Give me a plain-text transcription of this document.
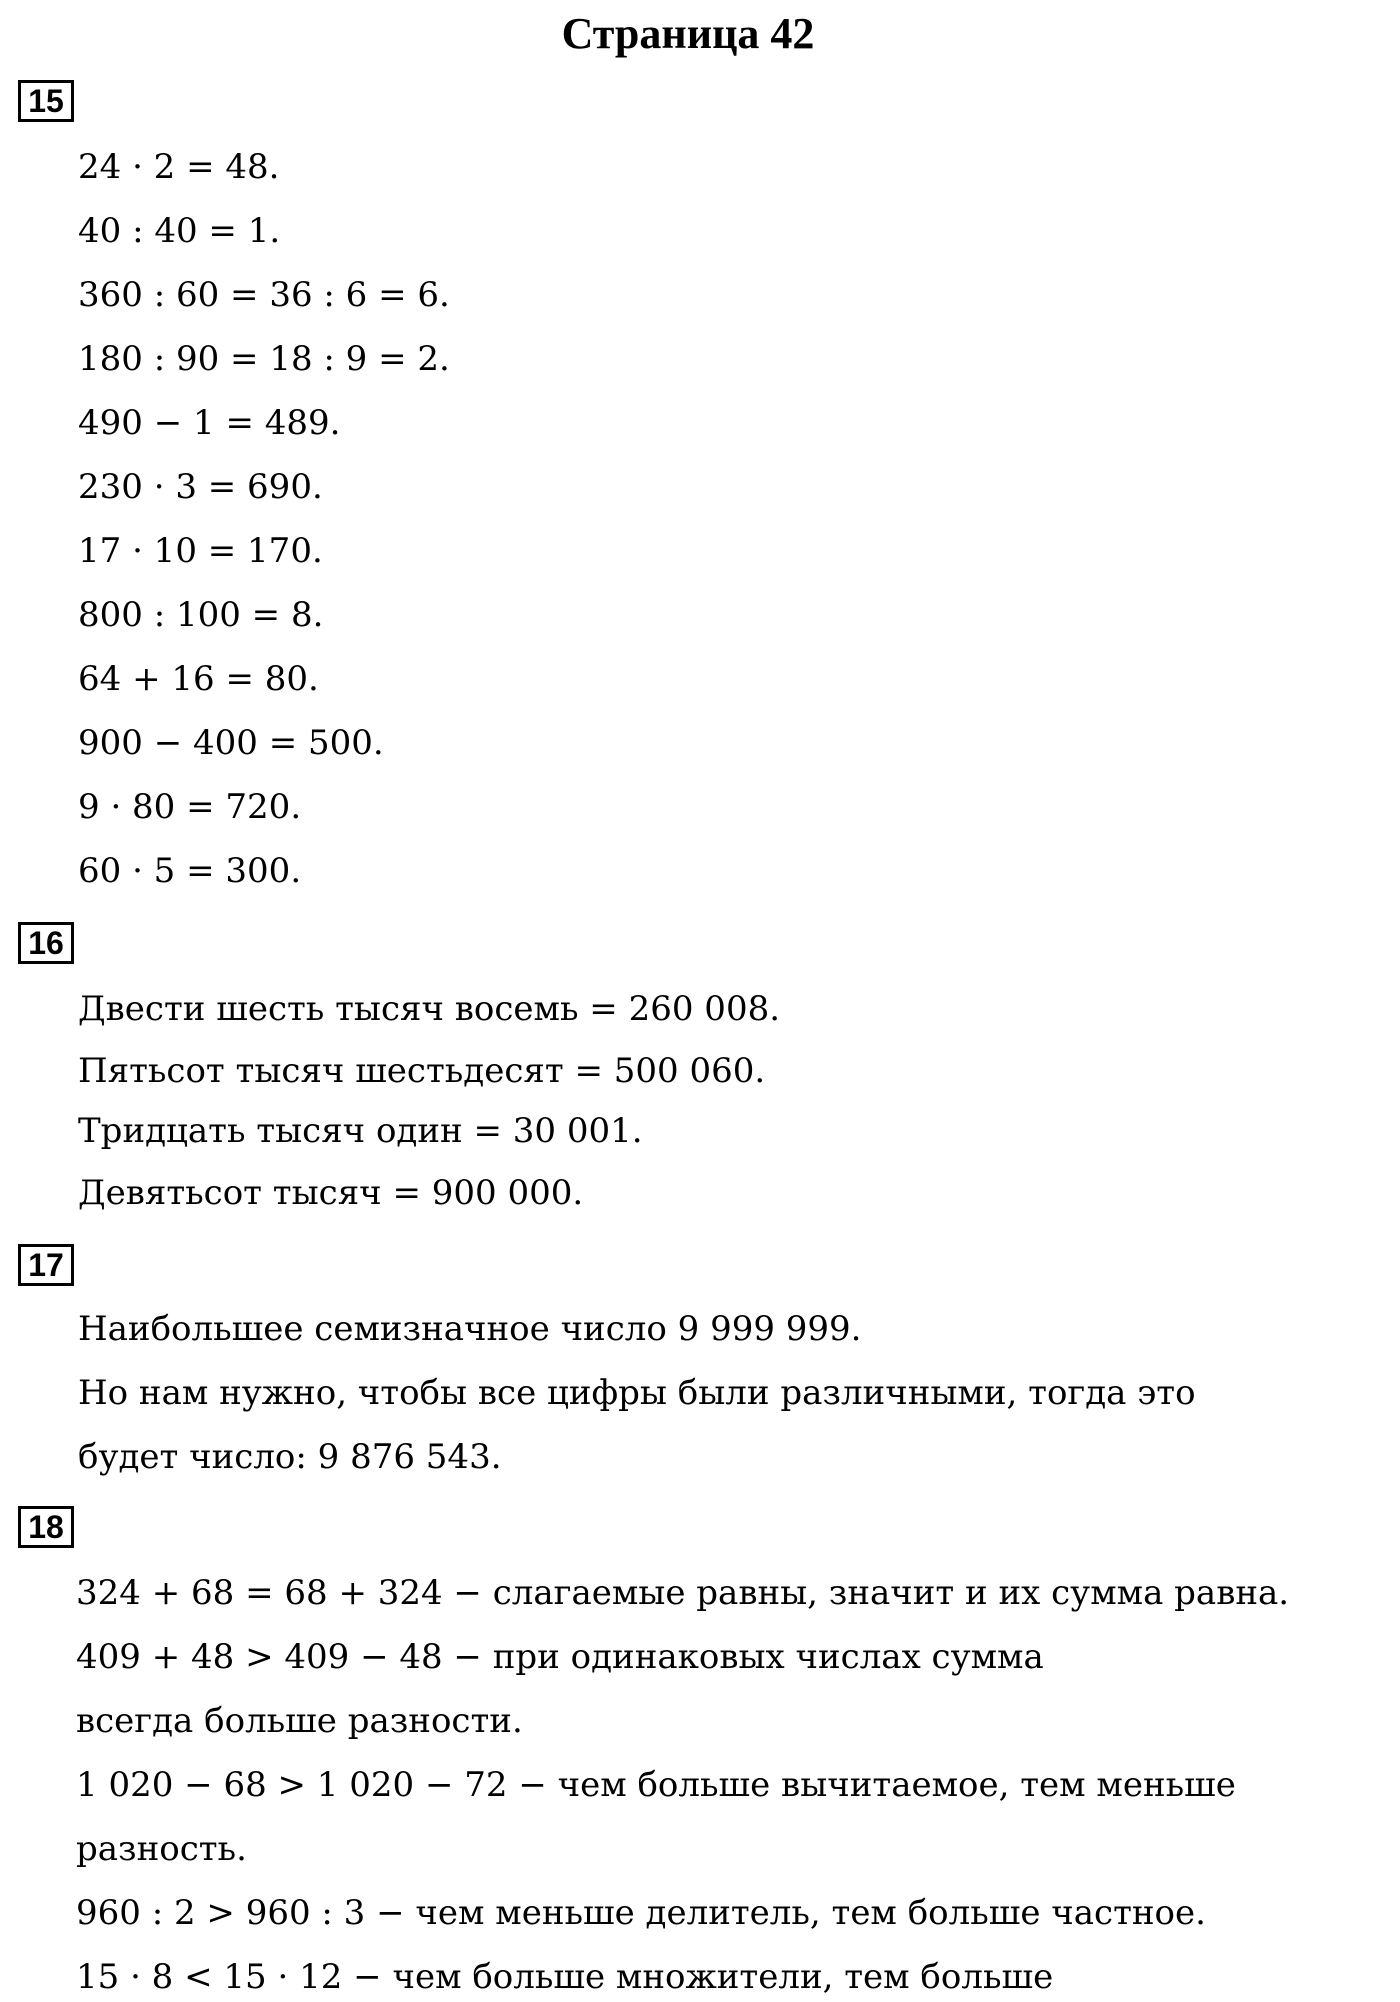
Страница 42
15
24 · 2 = 48.
40 : 40 = 1.
360 : 60 = 36 : 6 = 6.
180 : 90 = 18 : 9 = 2.
490 − 1 = 489.
230 · 3 = 690.
17 · 10 = 170.
800 : 100 = 8.
64 + 16 = 80.
900 − 400 = 500.
9 · 80 = 720.
60 · 5 = 300.
16
Двести шесть тысяч восемь = 260 008.
Пятьсот тысяч шестьдесят = 500 060.
Тридцать тысяч один = 30 001.
Девятьсот тысяч = 900 000.
17
Наибольшее семизначное число 9 999 999.
Но нам нужно, чтобы все цифры были различными, тогда это
будет число: 9 876 543.
18
324 + 68 = 68 + 324 − слагаемые равны, значит и их сумма равна.
409 + 48 > 409 − 48 − при одинаковых числах сумма
всегда больше разности.
1 020 − 68 > 1 020 − 72 − чем больше вычитаемое, тем меньше
разность.
960 : 2 > 960 : 3 − чем меньше делитель, тем больше частное.
15 · 8 < 15 · 12 − чем больше множители, тем больше
